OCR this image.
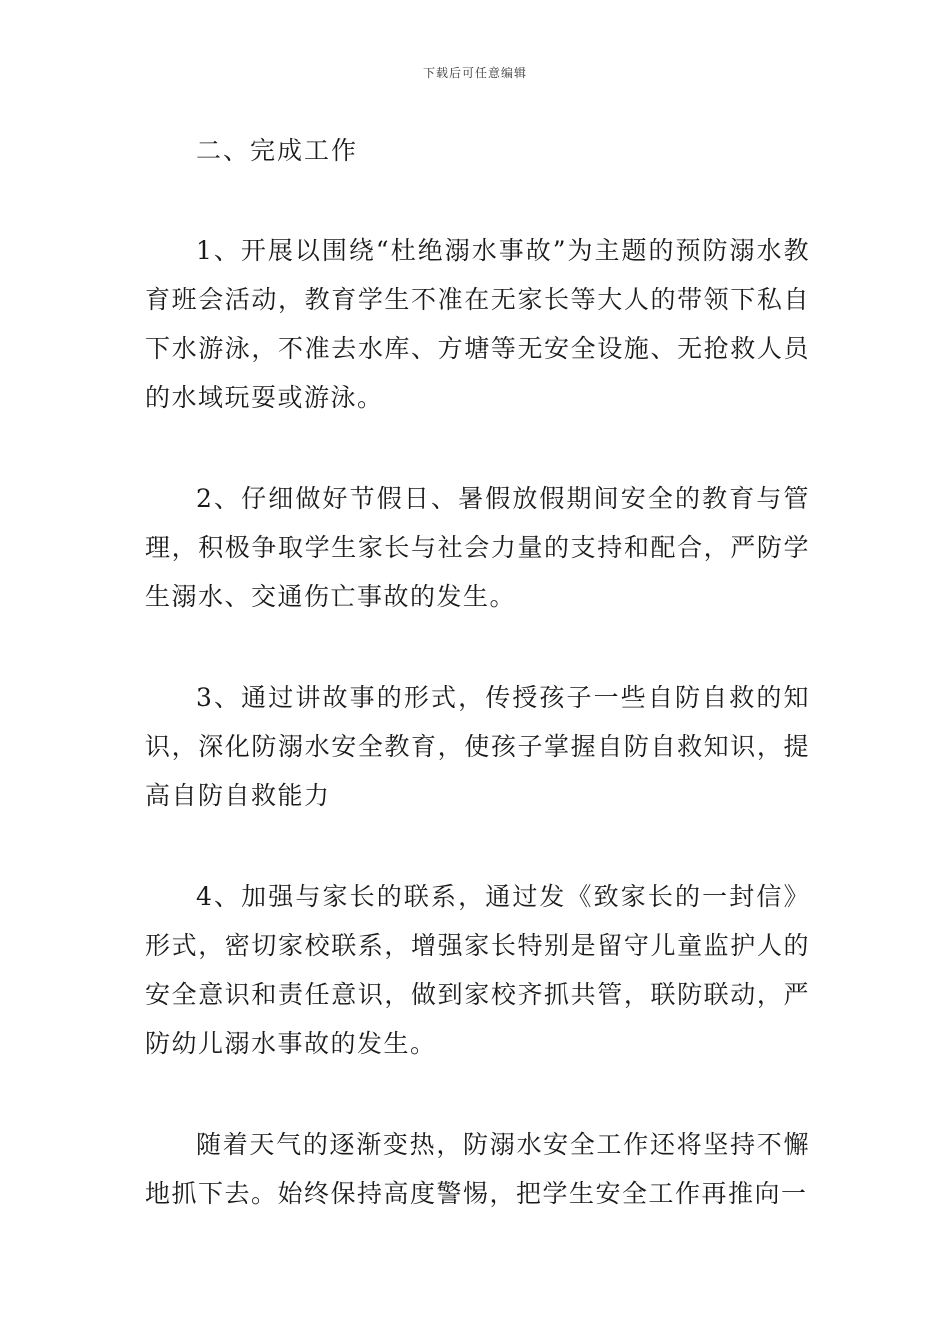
下载后可任意编辑
二、完成工作

1、开展以围绕“杜绝溺水事故”为主题的预防溺水教育班会活动，教育学生不准在无家长等大人的带领下私自下水游泳，不准去水库、方塘等无安全设施、无抢救人员的水域玩耍或游泳。

2、仔细做好节假日、暑假放假期间安全的教育与管理，积极争取学生家长与社会力量的支持和配合，严防学生溺水、交通伤亡事故的发生。

3、通过讲故事的形式，传授孩子一些自防自救的知识，深化防溺水安全教育，使孩子掌握自防自救知识，提高自防自救能力

4、加强与家长的联系，通过发《致家长的一封信》形式，密切家校联系，增强家长特别是留守儿童监护人的安全意识和责任意识，做到家校齐抓共管，联防联动，严防幼儿溺水事故的发生。

随着天气的逐渐变热，防溺水安全工作还将坚持不懈地抓下去。始终保持高度警惕，把学生安全工作再推向一
